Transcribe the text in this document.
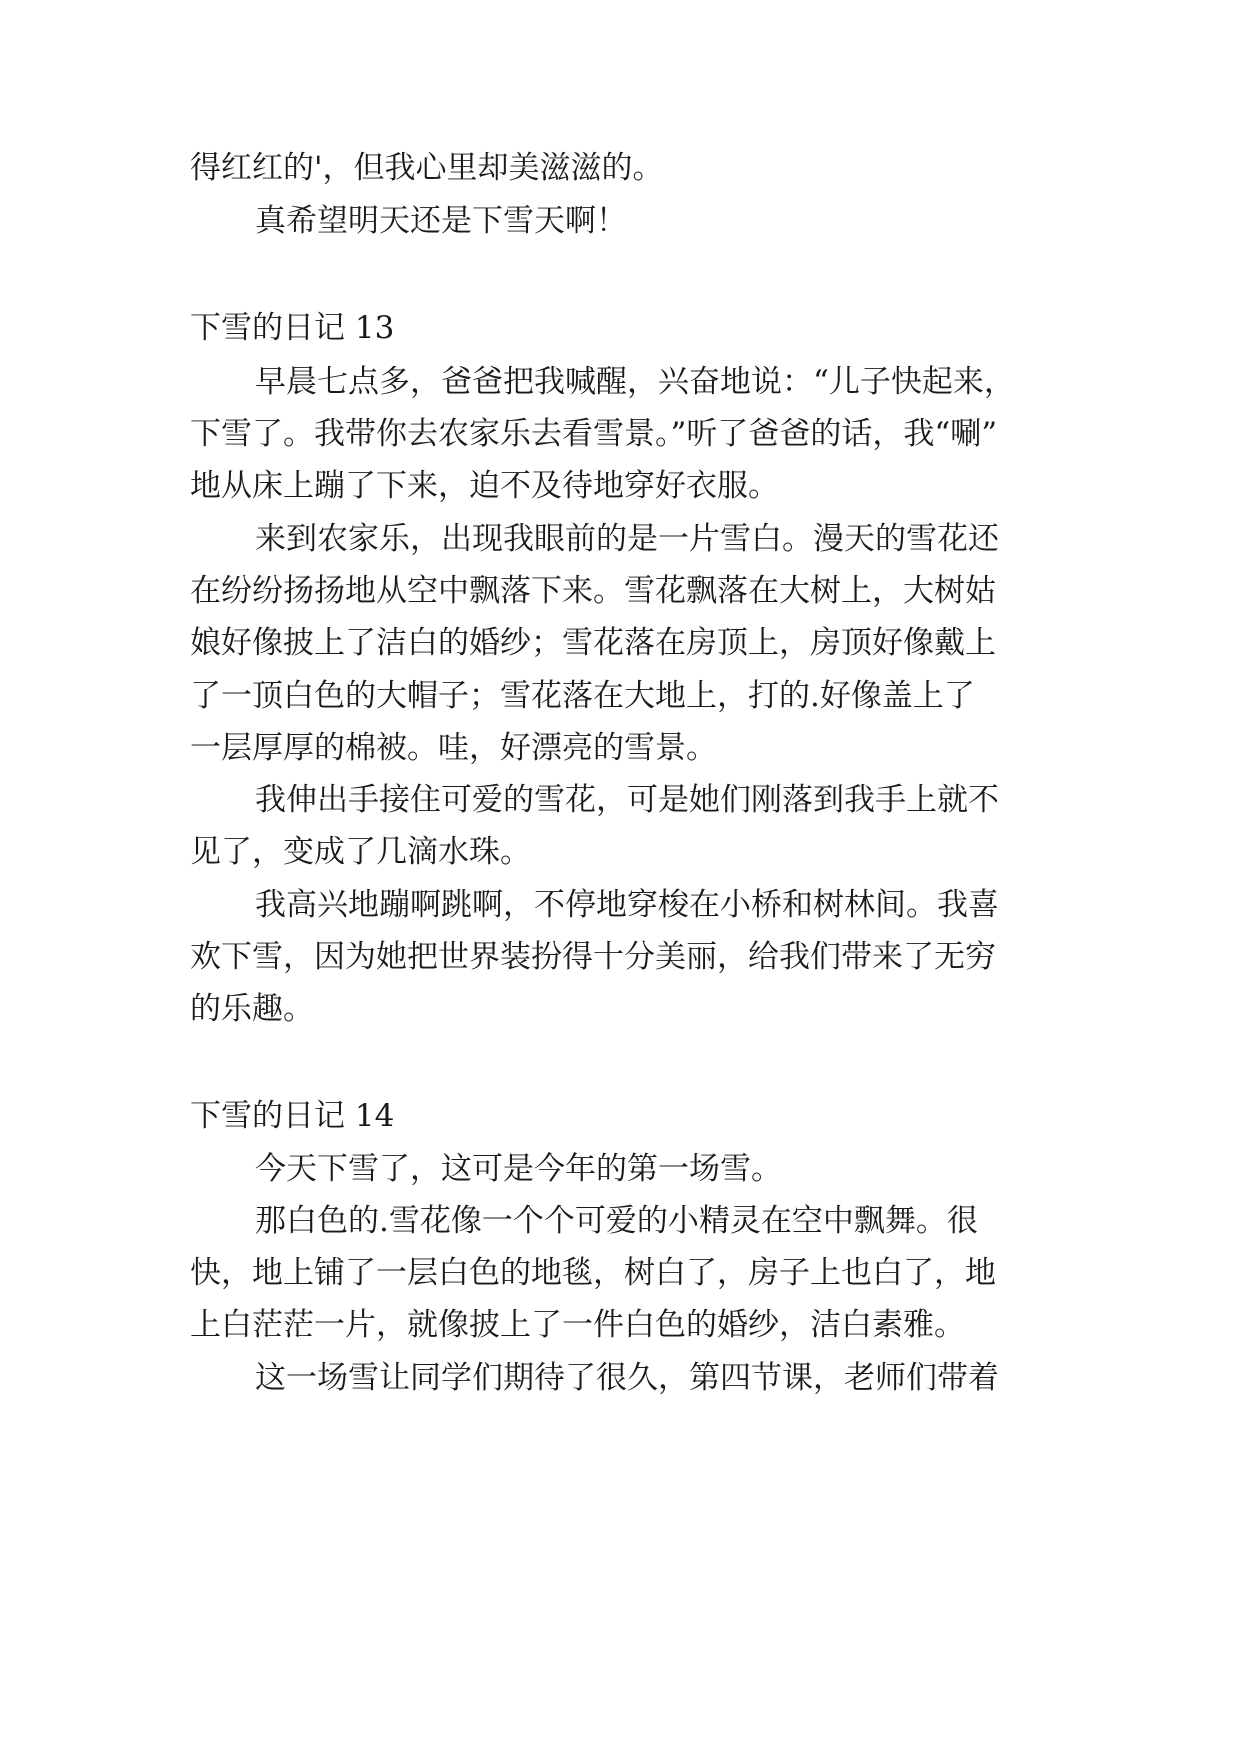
得红红的'，但我心里却美滋滋的。
真希望明天还是下雪天啊！
下雪的日记 13
早晨七点多，爸爸把我喊醒，兴奋地说：“儿子快起来，
下雪了。我带你去农家乐去看雪景。”听了爸爸的话，我“唰”
地从床上蹦了下来，迫不及待地穿好衣服。
来到农家乐，出现我眼前的是一片雪白。漫天的雪花还
在纷纷扬扬地从空中飘落下来。雪花飘落在大树上，大树姑
娘好像披上了洁白的婚纱；雪花落在房顶上，房顶好像戴上
了一顶白色的大帽子；雪花落在大地上，打的.好像盖上了
一层厚厚的棉被。哇，好漂亮的雪景。
我伸出手接住可爱的雪花，可是她们刚落到我手上就不
见了，变成了几滴水珠。
我高兴地蹦啊跳啊，不停地穿梭在小桥和树林间。我喜
欢下雪，因为她把世界装扮得十分美丽，给我们带来了无穷
的乐趣。
下雪的日记 14
今天下雪了，这可是今年的第一场雪。
那白色的.雪花像一个个可爱的小精灵在空中飘舞。很
快，地上铺了一层白色的地毯，树白了，房子上也白了，地
上白茫茫一片，就像披上了一件白色的婚纱，洁白素雅。
这一场雪让同学们期待了很久，第四节课，老师们带着
